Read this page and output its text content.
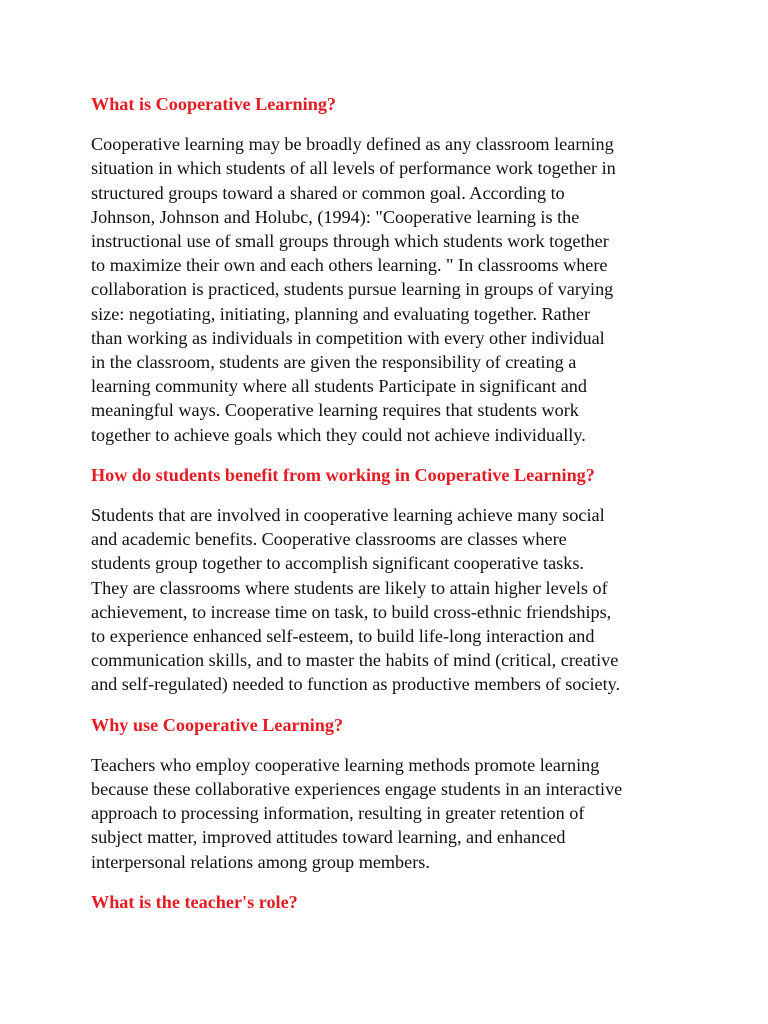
What is Cooperative Learning?

Cooperative learning may be broadly defined as any classroom learning
situation in which students of all levels of performance work together in
structured groups toward a shared or common goal. According to
Johnson, Johnson and Holubc, (1994): "Cooperative learning is the
instructional use of small groups through which students work together
to maximize their own and each others learning. " In classrooms where
collaboration is practiced, students pursue learning in groups of varying
size: negotiating, initiating, planning and evaluating together. Rather
than working as individuals in competition with every other individual
in the classroom, students are given the responsibility of creating a
learning community where all students Participate in significant and
meaningful ways. Cooperative learning requires that students work
together to achieve goals which they could not achieve individually.

How do students benefit from working in Cooperative Learning?

Students that are involved in cooperative learning achieve many social
and academic benefits. Cooperative classrooms are classes where
students group together to accomplish significant cooperative tasks.
They are classrooms where students are likely to attain higher levels of
achievement, to increase time on task, to build cross-ethnic friendships,
to experience enhanced self-esteem, to build life-long interaction and
communication skills, and to master the habits of mind (critical, creative
and self-regulated) needed to function as productive members of society.

Why use Cooperative Learning?

Teachers who employ cooperative learning methods promote learning
because these collaborative experiences engage students in an interactive
approach to processing information, resulting in greater retention of
subject matter, improved attitudes toward learning, and enhanced
interpersonal relations among group members.

What is the teacher's role?
